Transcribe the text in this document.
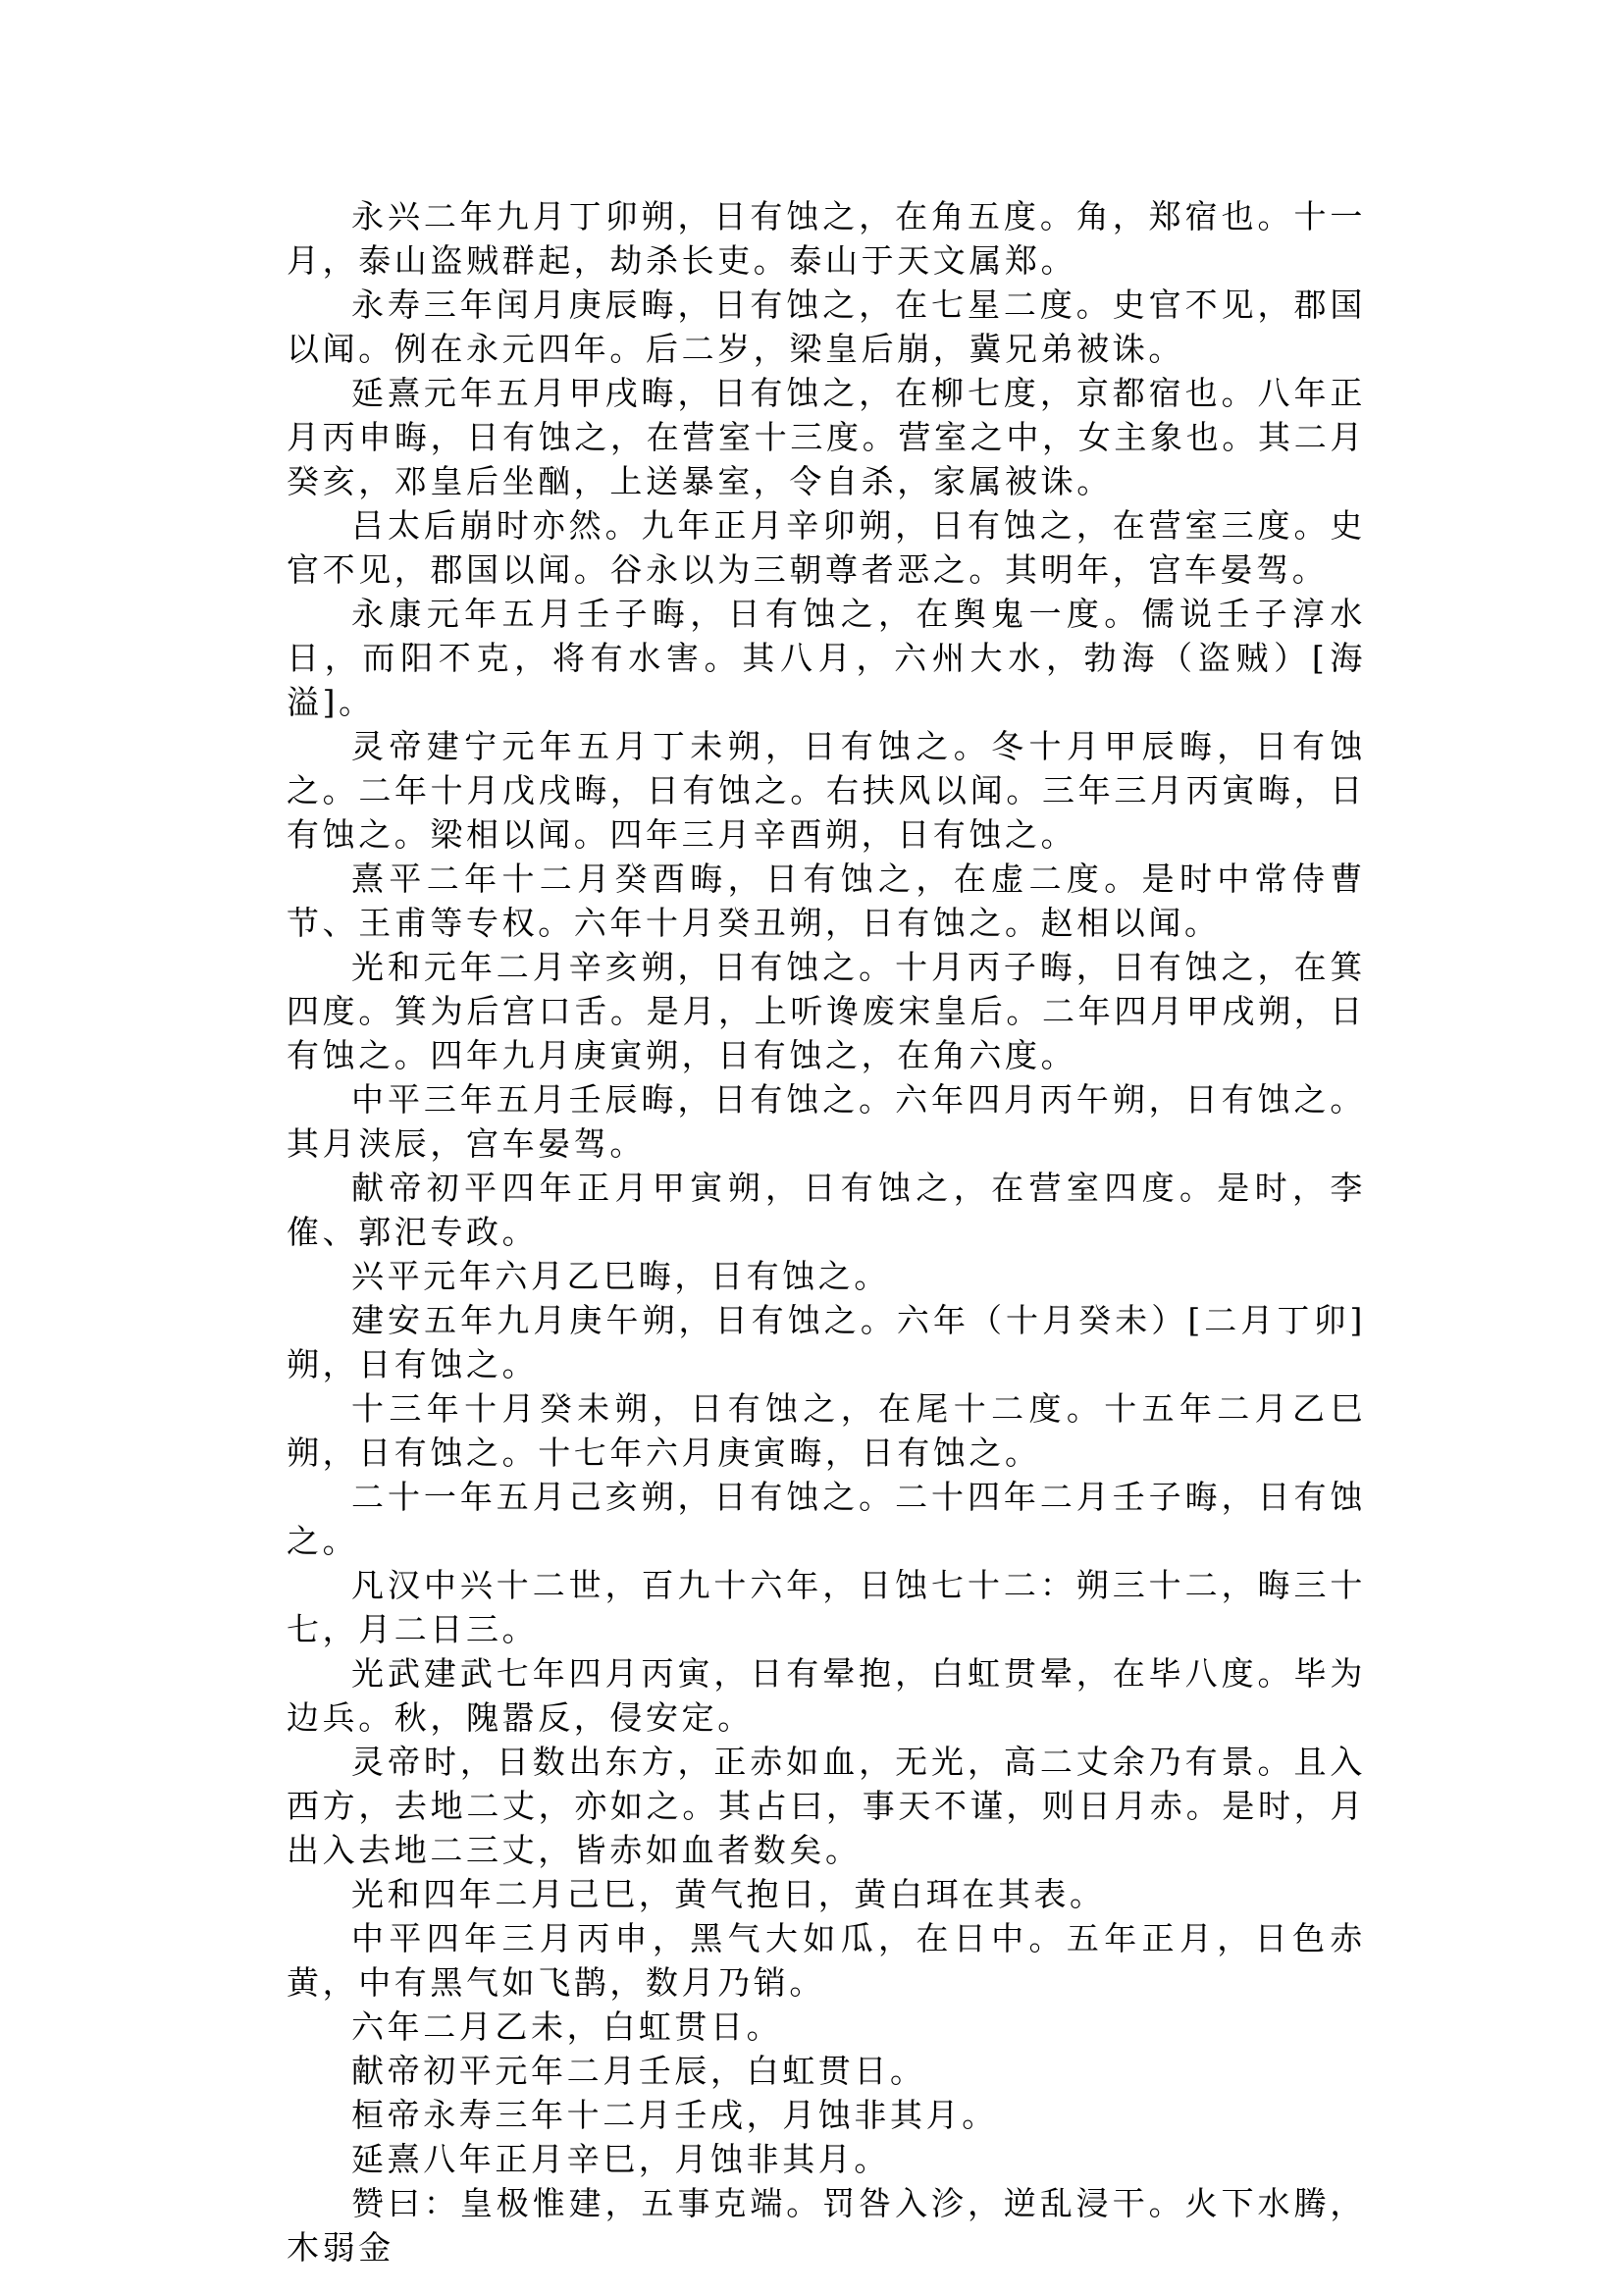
永兴二年九月丁卯朔，日有蚀之，在角五度。角，郑宿也。十一月，泰山盗贼群起，劫杀长吏。泰山于天文属郑。

永寿三年闰月庚辰晦，日有蚀之，在七星二度。史官不见，郡国以闻。例在永元四年。后二岁，梁皇后崩，冀兄弟被诛。

延熹元年五月甲戌晦，日有蚀之，在柳七度，京都宿也。八年正月丙申晦，日有蚀之，在营室十三度。营室之中，女主象也。其二月癸亥，邓皇后坐酗，上送暴室，令自杀，家属被诛。

吕太后崩时亦然。九年正月辛卯朔，日有蚀之，在营室三度。史官不见，郡国以闻。谷永以为三朝尊者恶之。其明年，宫车晏驾。

永康元年五月壬子晦，日有蚀之，在舆鬼一度。儒说壬子淳水日，而阳不克，将有水害。其八月，六州大水，勃海（盗贼）[海溢]。

灵帝建宁元年五月丁未朔，日有蚀之。冬十月甲辰晦，日有蚀之。二年十月戊戌晦，日有蚀之。右扶风以闻。三年三月丙寅晦，日有蚀之。梁相以闻。四年三月辛酉朔，日有蚀之。

熹平二年十二月癸酉晦，日有蚀之，在虚二度。是时中常侍曹节、王甫等专权。六年十月癸丑朔，日有蚀之。赵相以闻。

光和元年二月辛亥朔，日有蚀之。十月丙子晦，日有蚀之，在箕四度。箕为后宫口舌。是月，上听谗废宋皇后。二年四月甲戌朔，日有蚀之。四年九月庚寅朔，日有蚀之，在角六度。

中平三年五月壬辰晦，日有蚀之。六年四月丙午朔，日有蚀之。其月浃辰，宫车晏驾。

献帝初平四年正月甲寅朔，日有蚀之，在营室四度。是时，李傕、郭汜专政。

兴平元年六月乙巳晦，日有蚀之。

建安五年九月庚午朔，日有蚀之。六年（十月癸未）[二月丁卯]朔，日有蚀之。

十三年十月癸未朔，日有蚀之，在尾十二度。十五年二月乙巳朔，日有蚀之。十七年六月庚寅晦，日有蚀之。

二十一年五月己亥朔，日有蚀之。二十四年二月壬子晦，日有蚀之。

凡汉中兴十二世，百九十六年，日蚀七十二：朔三十二，晦三十七，月二日三。

光武建武七年四月丙寅，日有晕抱，白虹贯晕，在毕八度。毕为边兵。秋，隗嚣反，侵安定。

灵帝时，日数出东方，正赤如血，无光，高二丈余乃有景。且入西方，去地二丈，亦如之。其占曰，事天不谨，则日月赤。是时，月出入去地二三丈，皆赤如血者数矣。

光和四年二月己巳，黄气抱日，黄白珥在其表。

中平四年三月丙申，黑气大如瓜，在日中。五年正月，日色赤黄，中有黑气如飞鹊，数月乃销。

六年二月乙未，白虹贯日。

献帝初平元年二月壬辰，白虹贯日。

桓帝永寿三年十二月壬戌，月蚀非其月。

延熹八年正月辛巳，月蚀非其月。

赞曰：皇极惟建，五事克端。罚咎入沴，逆乱浸干。火下水腾，木弱金
